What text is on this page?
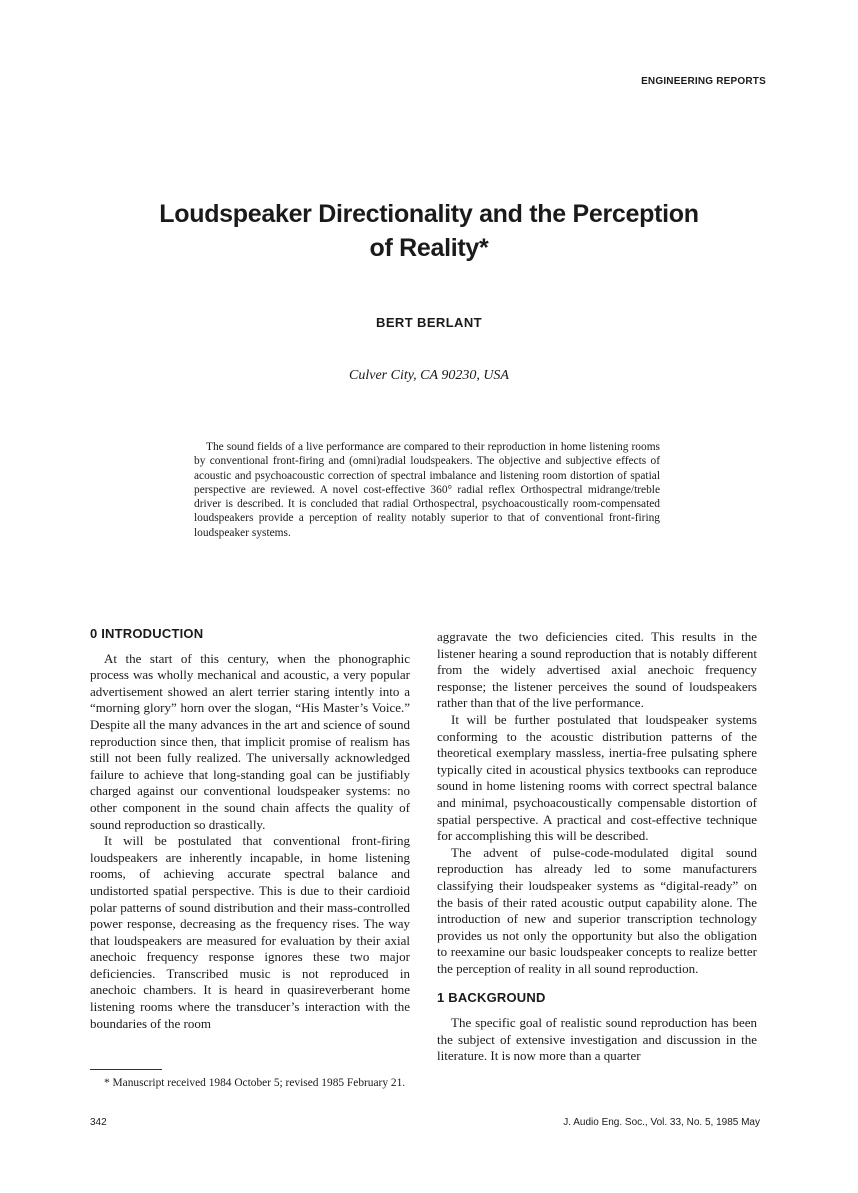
ENGINEERING REPORTS
Loudspeaker Directionality and the Perception
of Reality*
BERT BERLANT
Culver City, CA 90230, USA

The sound fields of a live performance are compared to their reproduction in home listening rooms by conventional front-firing and (omni)radial loudspeakers. The objective and subjective effects of acoustic and psychoacoustic correction of spectral imbalance and listening room distortion of spatial perspective are reviewed. A novel cost-effective 360° radial reflex Orthospectral midrange/treble driver is described. It is concluded that radial Orthospectral, psychoacoustically room-compensated loudspeakers provide a perception of reality notably superior to that of conventional front-firing loudspeaker systems.

0 INTRODUCTION

At the start of this century, when the phonographic process was wholly mechanical and acoustic, a very popular advertisement showed an alert terrier staring intently into a “morning glory” horn over the slogan, “His Master’s Voice.” Despite all the many advances in the art and science of sound reproduction since then, that implicit promise of realism has still not been fully realized. The universally acknowledged failure to achieve that long-standing goal can be justifiably charged against our conventional loudspeaker systems: no other component in the sound chain affects the quality of sound reproduction so drastically.

It will be postulated that conventional front-firing loudspeakers are inherently incapable, in home listening rooms, of achieving accurate spectral balance and undistorted spatial perspective. This is due to their cardioid polar patterns of sound distribution and their mass-controlled power response, decreasing as the frequency rises. The way that loudspeakers are measured for evaluation by their axial anechoic frequency response ignores these two major deficiencies. Transcribed music is not reproduced in anechoic chambers. It is heard in quasireverberant home listening rooms where the transducer’s interaction with the boundaries of the room

aggravate the two deficiencies cited. This results in the listener hearing a sound reproduction that is notably different from the widely advertised axial anechoic frequency response; the listener perceives the sound of loudspeakers rather than that of the live performance.

It will be further postulated that loudspeaker systems conforming to the acoustic distribution patterns of the theoretical exemplary massless, inertia-free pulsating sphere typically cited in acoustical physics textbooks can reproduce sound in home listening rooms with correct spectral balance and minimal, psychoacoustically compensable distortion of spatial perspective. A practical and cost-effective technique for accomplishing this will be described.

The advent of pulse-code-modulated digital sound reproduction has already led to some manufacturers classifying their loudspeaker systems as “digital-ready” on the basis of their rated acoustic output capability alone. The introduction of new and superior transcription technology provides us not only the opportunity but also the obligation to reexamine our basic loudspeaker concepts to realize better the perception of reality in all sound reproduction.

1 BACKGROUND

The specific goal of realistic sound reproduction has been the subject of extensive investigation and discussion in the literature. It is now more than a quarter

* Manuscript received 1984 October 5; revised 1985 February 21.

342	J. Audio Eng. Soc., Vol. 33, No. 5, 1985 May
